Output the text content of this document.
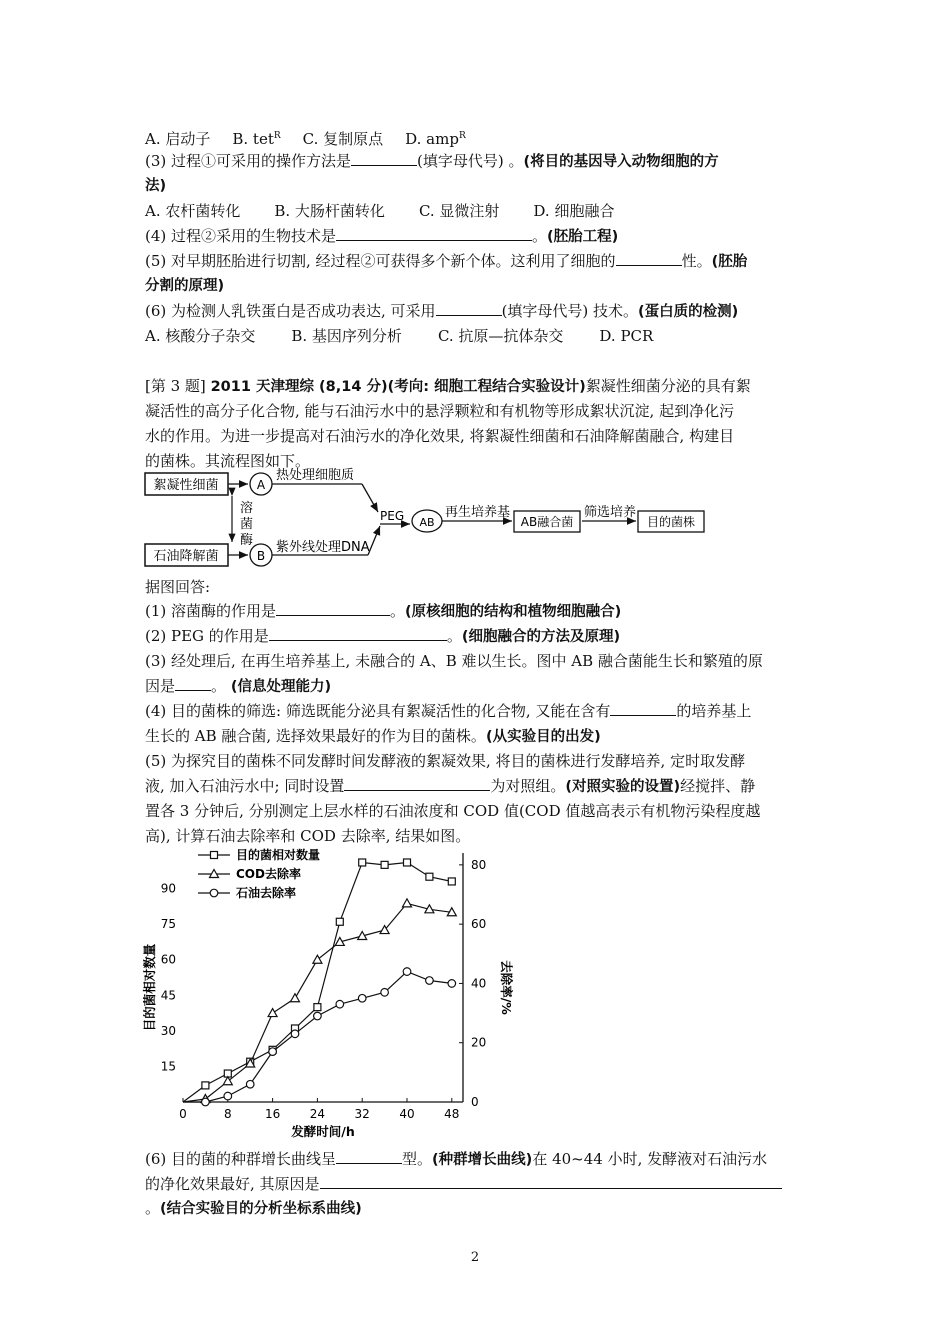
A. 启动子 B. tet$^R$ C. 复制原点 D. amp$^R$
(3) 过程①可采用的操作方法是	(填字母代号) 。(将目的基因导入动物细胞的方
法)
A. 农杆菌转化 B. 大肠杆菌转化 C. 显微注射 D. 细胞融合
(4) 过程②采用的生物技术是	。(胚胎工程)
(5) 对早期胚胎进行切割, 经过程②可获得多个新个体。这利用了细胞的	性。(胚胎
分割的原理)
(6) 为检测人乳铁蛋白是否成功表达, 可采用	(填字母代号) 技术。(蛋白质的检测)
A. 核酸分子杂交 B. 基因序列分析 C. 抗原—抗体杂交 D. PCR
[第 3 题] 2011 天津理综 (8,14 分)(考向: 细胞工程结合实验设计)絮凝性细菌分泌的具有絮
凝活性的高分子化合物, 能与石油污水中的悬浮颗粒和有机物等形成絮状沉淀, 起到净化污
水的作用。为进一步提高对石油污水的净化效果, 将絮凝性细菌和石油降解菌融合, 构建目
的菌株。其流程图如下。
絮凝性细菌
石油降解菌
溶
菌
酶
A
B
热处理细胞质
紫外线处理DNA
PEG AB
再生培养基
AB融合菌
筛选培养
目的菌株
据图回答:
(1) 溶菌酶的作用是	。(原核细胞的结构和植物细胞融合)
(2) PEG 的作用是	。(细胞融合的方法及原理)
(3) 经处理后, 在再生培养基上, 未融合的 A、B 难以生长。图中 AB 融合菌能生长和繁殖的原
因是 。 (信息处理能力)
(4) 目的菌株的筛选: 筛选既能分泌具有絮凝活性的化合物, 又能在含有	的培养基上
生长的 AB 融合菌, 选择效果最好的作为目的菌株。(从实验目的出发)
(5) 为探究目的菌株不同发酵时间发酵液的絮凝效果, 将目的菌株进行发酵培养, 定时取发酵
液, 加入石油污水中; 同时设置	为对照组。(对照实验的设置)经搅拌、静
置各 3 分钟后, 分别测定上层水样的石油浓度和 COD 值(COD 值越高表示有机物污染程度越
高), 计算石油去除率和 COD 去除率, 结果如图。
15
30
45
60
75
90
0
20
40
60
80
0	8	16 24 32 40 48
发酵时间/h
目的菌相对数量	去除率/%
目的菌相对数量
COD去除率
石油去除率
(6) 目的菌的种群增长曲线呈	型。(种群增长曲线)在 40~44 小时, 发酵液对石油污水
的净化效果最好, 其原因是
。(结合实验目的分析坐标系曲线)
2
